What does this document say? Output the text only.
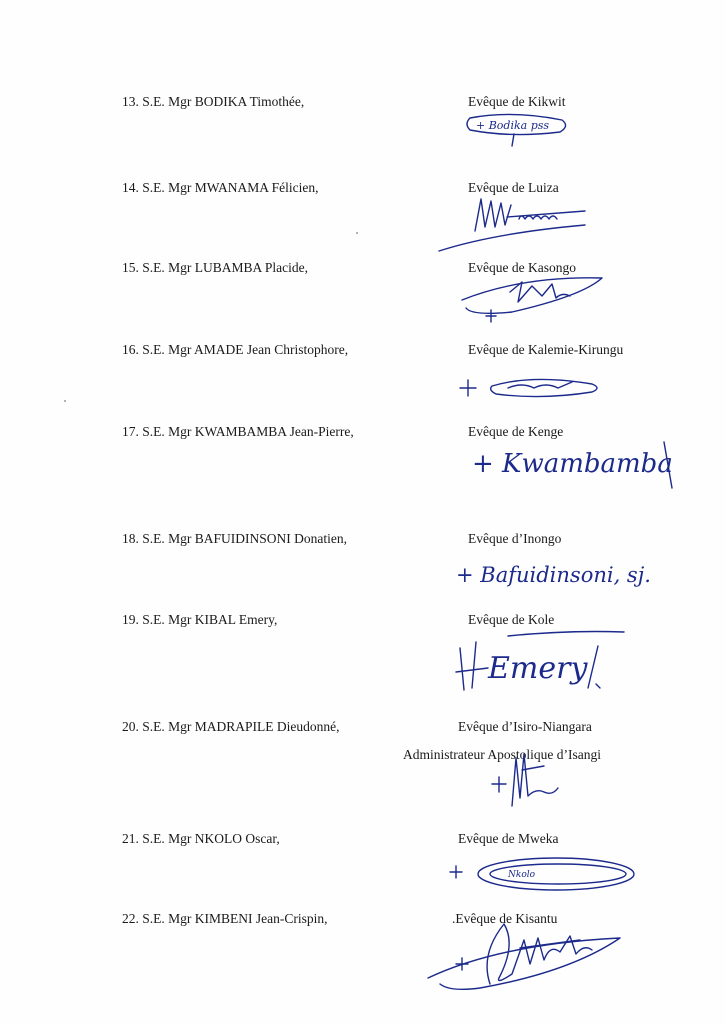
13. S.E. Mgr BODIKA Timothée,	Evêque de Kikwit
+ Bodika pss
14. S.E. Mgr MWANAMA Félicien,	Evêque de Luiza
15. S.E. Mgr LUBAMBA Placide,	Evêque de Kasongo
16. S.E. Mgr AMADE Jean Christophore,	Evêque de Kalemie-Kirungu
17. S.E. Mgr KWAMBAMBA Jean-Pierre,	Evêque de Kenge
+ Kwambamba
18. S.E. Mgr BAFUIDINSONI Donatien,	Evêque d’Inongo
+ Bafuidinsoni, sj.
19. S.E. Mgr KIBAL Emery,	Evêque de Kole
Emery
20. S.E. Mgr MADRAPILE Dieudonné,	Evêque d’Isiro-Niangara
Administrateur Apostolique d’Isangi
21. S.E. Mgr NKOLO Oscar,	Evêque de Mweka
Nkolo
22. S.E. Mgr KIMBENI Jean-Crispin,	.Evêque de Kisantu
